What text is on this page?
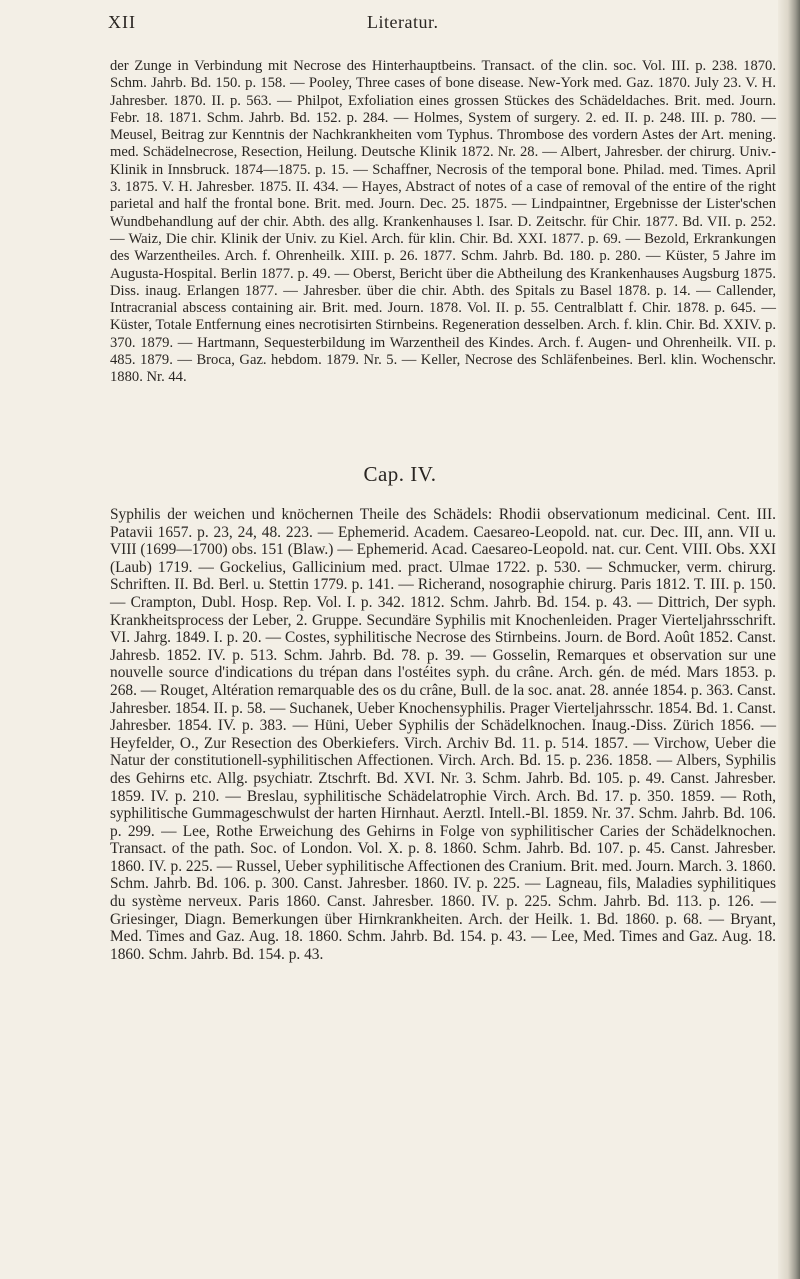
XII	Literatur.

der Zunge in Verbindung mit Necrose des Hinterhauptbeins. Transact. of the clin. soc. Vol. III. p. 238. 1870. Schm. Jahrb. Bd. 150. p. 158. — Pooley, Three cases of bone disease. New-York med. Gaz. 1870. July 23. V. H. Jahresber. 1870. II. p. 563. — Philpot, Exfoliation eines grossen Stückes des Schädeldaches. Brit. med. Journ. Febr. 18. 1871. Schm. Jahrb. Bd. 152. p. 284. — Holmes, System of surgery. 2. ed. II. p. 248. III. p. 780. — Meusel, Beitrag zur Kenntnis der Nachkrankheiten vom Typhus. Thrombose des vordern Astes der Art. mening. med. Schädelnecrose, Resection, Heilung. Deutsche Klinik 1872. Nr. 28. — Albert, Jahresber. der chirurg. Univ.-Klinik in Innsbruck. 1874—1875. p. 15. — Schaffner, Necrosis of the temporal bone. Philad. med. Times. April 3. 1875. V. H. Jahresber. 1875. II. 434. — Hayes, Abstract of notes of a case of removal of the entire of the right parietal and half the frontal bone. Brit. med. Journ. Dec. 25. 1875. — Lindpaintner, Ergebnisse der Lister'schen Wundbehandlung auf der chir. Abth. des allg. Krankenhauses l. Isar. D. Zeitschr. für Chir. 1877. Bd. VII. p. 252. — Waiz, Die chir. Klinik der Univ. zu Kiel. Arch. für klin. Chir. Bd. XXI. 1877. p. 69. — Bezold, Erkrankungen des Warzentheiles. Arch. f. Ohrenheilk. XIII. p. 26. 1877. Schm. Jahrb. Bd. 180. p. 280. — Küster, 5 Jahre im Augusta-Hospital. Berlin 1877. p. 49. — Oberst, Bericht über die Abtheilung des Krankenhauses Augsburg 1875. Diss. inaug. Erlangen 1877. — Jahresber. über die chir. Abth. des Spitals zu Basel 1878. p. 14. — Callender, Intracranial abscess containing air. Brit. med. Journ. 1878. Vol. II. p. 55. Centralblatt f. Chir. 1878. p. 645. — Küster, Totale Entfernung eines necrotisirten Stirnbeins. Regeneration desselben. Arch. f. klin. Chir. Bd. XXIV. p. 370. 1879. — Hartmann, Sequesterbildung im Warzentheil des Kindes. Arch. f. Augen- und Ohrenheilk. VII. p. 485. 1879. — Broca, Gaz. hebdom. 1879. Nr. 5. — Keller, Necrose des Schläfenbeines. Berl. klin. Wochenschr. 1880. Nr. 44.

Cap. IV.

Syphilis der weichen und knöchernen Theile des Schädels: Rhodii observationum medicinal. Cent. III. Patavii 1657. p. 23, 24, 48. 223. — Ephemerid. Academ. Caesareo-Leopold. nat. cur. Dec. III, ann. VII u. VIII (1699—1700) obs. 151 (Blaw.) — Ephemerid. Acad. Caesareo-Leopold. nat. cur. Cent. VIII. Obs. XXI (Laub) 1719. — Gockelius, Gallicinium med. pract. Ulmae 1722. p. 530. — Schmucker, verm. chirurg. Schriften. II. Bd. Berl. u. Stettin 1779. p. 141. — Richerand, nosographie chirurg. Paris 1812. T. III. p. 150. — Crampton, Dubl. Hosp. Rep. Vol. I. p. 342. 1812. Schm. Jahrb. Bd. 154. p. 43. — Dittrich, Der syph. Krankheitsprocess der Leber, 2. Gruppe. Secundäre Syphilis mit Knochenleiden. Prager Vierteljahrsschrift. VI. Jahrg. 1849. I. p. 20. — Costes, syphilitische Necrose des Stirnbeins. Journ. de Bord. Août 1852. Canst. Jahresb. 1852. IV. p. 513. Schm. Jahrb. Bd. 78. p. 39. — Gosselin, Remarques et observation sur une nouvelle source d'indications du trépan dans l'ostéites syph. du crâne. Arch. gén. de méd. Mars 1853. p. 268. — Rouget, Altération remarquable des os du crâne, Bull. de la soc. anat. 28. année 1854. p. 363. Canst. Jahresber. 1854. II. p. 58. — Suchanek, Ueber Knochensyphilis. Prager Vierteljahrsschr. 1854. Bd. 1. Canst. Jahresber. 1854. IV. p. 383. — Hüni, Ueber Syphilis der Schädelknochen. Inaug.-Diss. Zürich 1856. — Heyfelder, O., Zur Resection des Oberkiefers. Virch. Archiv Bd. 11. p. 514. 1857. — Virchow, Ueber die Natur der constitutionell-syphilitischen Affectionen. Virch. Arch. Bd. 15. p. 236. 1858. — Albers, Syphilis des Gehirns etc. Allg. psychiatr. Ztschrft. Bd. XVI. Nr. 3. Schm. Jahrb. Bd. 105. p. 49. Canst. Jahresber. 1859. IV. p. 210. — Breslau, syphilitische Schädelatrophie Virch. Arch. Bd. 17. p. 350. 1859. — Roth, syphilitische Gummageschwulst der harten Hirnhaut. Aerztl. Intell.-Bl. 1859. Nr. 37. Schm. Jahrb. Bd. 106. p. 299. — Lee, Rothe Erweichung des Gehirns in Folge von syphilitischer Caries der Schädelknochen. Transact. of the path. Soc. of London. Vol. X. p. 8. 1860. Schm. Jahrb. Bd. 107. p. 45. Canst. Jahresber. 1860. IV. p. 225. — Russel, Ueber syphilitische Affectionen des Cranium. Brit. med. Journ. March. 3. 1860. Schm. Jahrb. Bd. 106. p. 300. Canst. Jahresber. 1860. IV. p. 225. — Lagneau, fils, Maladies syphilitiques du système nerveux. Paris 1860. Canst. Jahresber. 1860. IV. p. 225. Schm. Jahrb. Bd. 113. p. 126. — Griesinger, Diagn. Bemerkungen über Hirnkrankheiten. Arch. der Heilk. 1. Bd. 1860. p. 68. — Bryant, Med. Times and Gaz. Aug. 18. 1860. Schm. Jahrb. Bd. 154. p. 43. — Lee, Med. Times and Gaz. Aug. 18. 1860. Schm. Jahrb. Bd. 154. p. 43.
